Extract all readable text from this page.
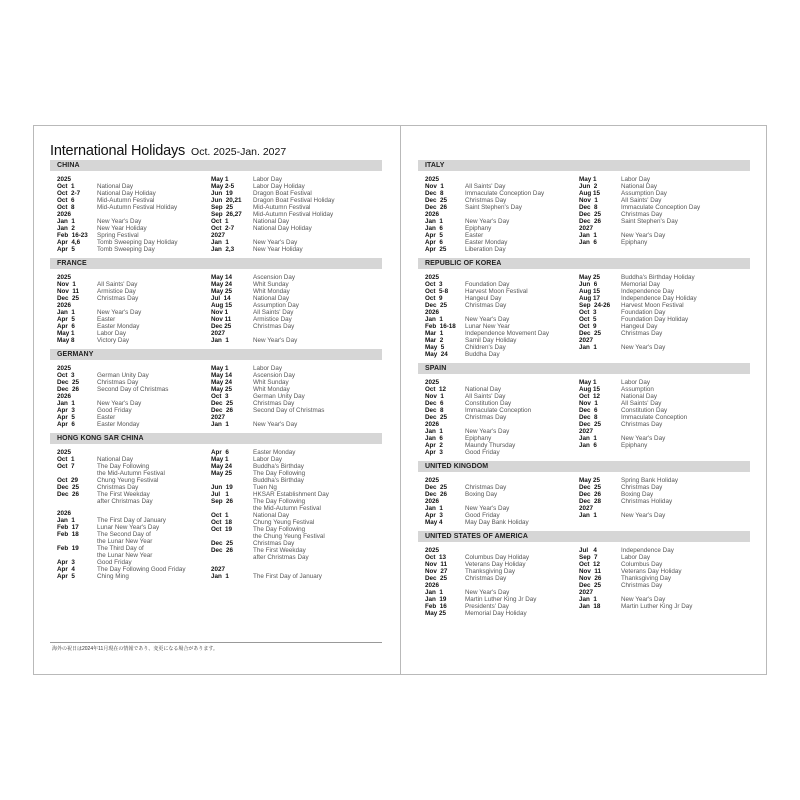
International Holidays Oct. 2025-Jan. 2027
CHINA
2025
Oct  1	National Day
Oct  2-7	National Day Holiday
Oct  6	Mid-Autumn Festival
Oct  8	Mid-Autumn Festival Holiday
2026
Jan  1	New Year's Day
Jan  2	New Year Holiday
Feb  16-23	Spring Festival
Apr  4,6	Tomb Sweeping Day Holiday
Apr  5	Tomb Sweeping Day
May 1	Labor Day
May 2-5	Labor Day Holiday
Jun  19	Dragon Boat Festival
Jun  20,21	Dragon Boat Festival Holiday
Sep  25	Mid-Autumn Festival
Sep  26,27	Mid-Autumn Festival Holiday
Oct  1	National Day
Oct  2-7	National Day Holiday
2027
Jan  1	New Year's Day
Jan  2,3	New Year Holiday
FRANCE
2025
Nov  1	All Saints' Day
Nov  11	Armistice Day
Dec  25	Christmas Day
2026
Jan  1	New Year's Day
Apr  5	Easter
Apr  6	Easter Monday
May 1	Labor Day
May 8	Victory Day
May 14	Ascension Day
May 24	Whit Sunday
May 25	Whit Monday
Jul  14	National Day
Aug 15	Assumption Day
Nov 1	All Saints' Day
Nov 11	Armistice Day
Dec 25	Christmas Day
2027
Jan  1	New Year's Day
GERMANY
2025
Oct  3	German Unity Day
Dec  25	Christmas Day
Dec  26	Second Day of Christmas
2026
Jan  1	New Year's Day
Apr  3	Good Friday
Apr  5	Easter
Apr  6	Easter Monday
May 1	Labor Day
May 14	Ascension Day
May 24	Whit Sunday
May 25	Whit Monday
Oct  3	German Unity Day
Dec  25	Christmas Day
Dec  26	Second Day of Christmas
2027
Jan  1	New Year's Day
HONG KONG SAR CHINA
2025
Oct  1	National Day
Oct  7	The Day Following
the Mid-Autumn Festival
Oct  29	Chung Yeung Festival
Dec  25	Christmas Day
Dec  26	The First Weekday
after Christmas Day
2026
Jan  1	The First Day of January
Feb  17	Lunar New Year's Day
Feb  18	The Second Day of
the Lunar New Year
Feb  19	The Third Day of
the Lunar New Year
Apr  3	Good Friday
Apr  4	The Day Following Good Friday
Apr  5	Ching Ming
Apr  6	Easter Monday
May 1	Labor Day
May 24	Buddha's Birthday
May 25	The Day Following
Buddha's Birthday
Jun  19	Tuen Ng
Jul   1	HKSAR Establishment Day
Sep  26	The Day Following
the Mid-Autumn Festival
Oct  1	National Day
Oct  18	Chung Yeung Festival
Oct  19	The Day Following
the Chung Yeung Festival
Dec  25	Christmas Day
Dec  26	The First Weekday
after Christmas Day
2027
Jan  1	The First Day of January
ITALY
2025
Nov  1	All Saints' Day
Dec  8	Immaculate Conception Day
Dec  25	Christmas Day
Dec  26	Saint Stephen's Day
2026
Jan  1	New Year's Day
Jan  6	Epiphany
Apr  5	Easter
Apr  6	Easter Monday
Apr  25	Liberation Day
May 1	Labor Day
Jun  2	National Day
Aug 15	Assumption Day
Nov  1	All Saints' Day
Dec  8	Immaculate Conception Day
Dec  25	Christmas Day
Dec  26	Saint Stephen's Day
2027
Jan  1	New Year's Day
Jan  6	Epiphany
REPUBLIC OF KOREA
2025
Oct  3	Foundation Day
Oct  5-8	Harvest Moon Festival
Oct  9	Hangeul Day
Dec  25	Christmas Day
2026
Jan  1	New Year's Day
Feb  16-18	Lunar New Year
Mar  1	Independence Movement Day
Mar  2	Samil Day Holiday
May  5	Children's Day
May  24	Buddha Day
May 25	Buddha's Birthday Holiday
Jun  6	Memorial Day
Aug 15	Independence Day
Aug 17	Independence Day Holiday
Sep  24-26	Harvest Moon Festival
Oct  3	Foundation Day
Oct  5	Foundation Day Holiday
Oct  9	Hangeul Day
Dec  25	Christmas Day
2027
Jan  1	New Year's Day
SPAIN
2025
Oct  12	National Day
Nov  1	All Saints' Day
Dec  6	Constitution Day
Dec  8	Immaculate Conception
Dec  25	Christmas Day
2026
Jan  1	New Year's Day
Jan  6	Epiphany
Apr  2	Maundy Thursday
Apr  3	Good Friday
May 1	Labor Day
Aug 15	Assumption
Oct  12	National Day
Nov  1	All Saints' Day
Dec  6	Constitution Day
Dec  8	Immaculate Conception
Dec  25	Christmas Day
2027
Jan  1	New Year's Day
Jan  6	Epiphany
UNITED KINGDOM
2025
Dec  25	Christmas Day
Dec  26	Boxing Day
2026
Jan  1	New Year's Day
Apr  3	Good Friday
May 4	May Day Bank Holiday
May 25	Spring Bank Holiday
Dec  25	Christmas Day
Dec  26	Boxing Day
Dec  28	Christmas Holiday
2027
Jan  1	New Year's Day
UNITED STATES OF AMERICA
2025
Oct  13	Columbus Day Holiday
Nov  11	Veterans Day Holiday
Nov  27	Thanksgiving Day
Dec  25	Christmas Day
2026
Jan  1	New Year's Day
Jan  19	Martin Luther King Jr Day
Feb  16	Presidents' Day
May 25	Memorial Day Holiday
Jul   4	Independence Day
Sep  7	Labor Day
Oct  12	Columbus Day
Nov  11	Veterans Day Holiday
Nov  26	Thanksgiving Day
Dec  25	Christmas Day
2027
Jan  1	New Year's Day
Jan  18	Martin Luther King Jr Day
海外の祝日は2024年11月現在の情報であり、変更になる場合があります。
